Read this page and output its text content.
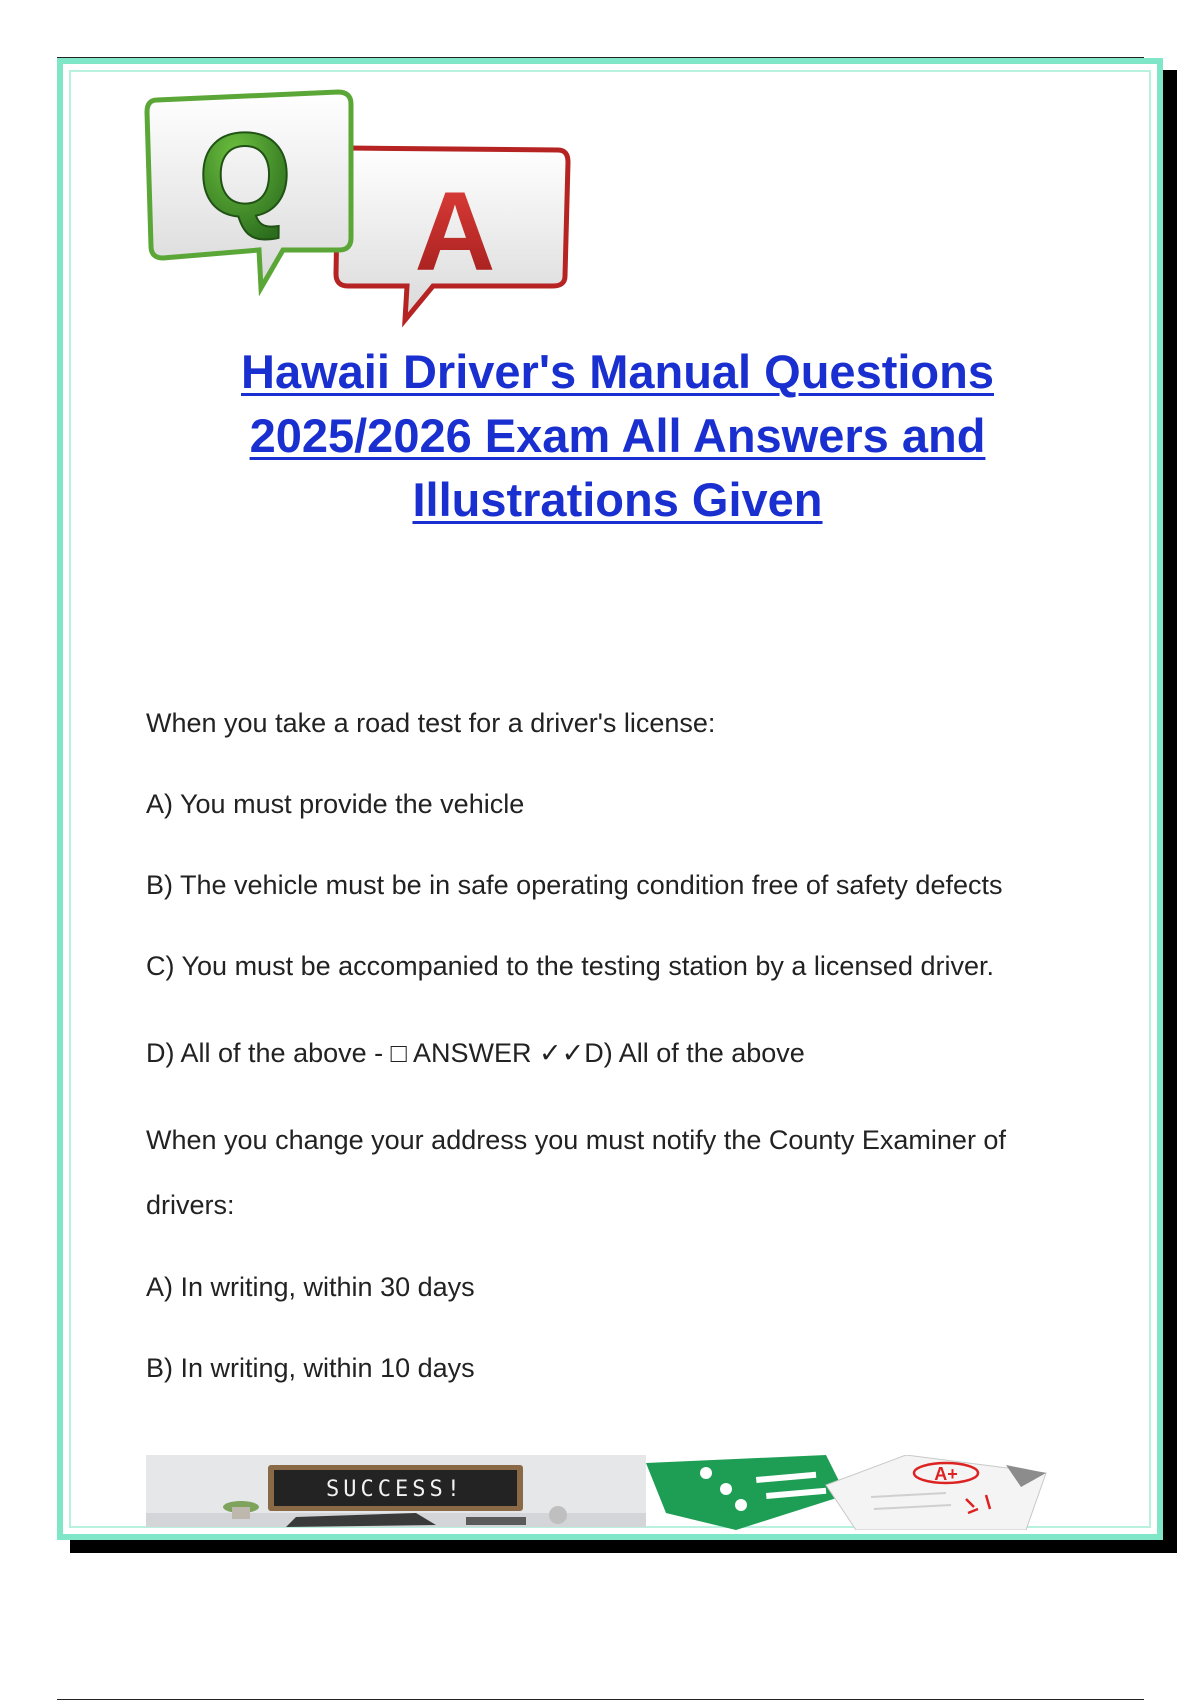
Q A
Hawaii Driver's Manual Questions
2025/2026 Exam All Answers and
Illustrations Given
When you take a road test for a driver's license:
A) You must provide the vehicle
B) The vehicle must be in safe operating condition free of safety defects
C) You must be accompanied to the testing station by a licensed driver.
D) All of the above - □ ANSWER ✓✓D) All of the above
When you change your address you must notify the County Examiner of
drivers:
A) In writing, within 30 days
B) In writing, within 10 days
SUCCESS!
A+
